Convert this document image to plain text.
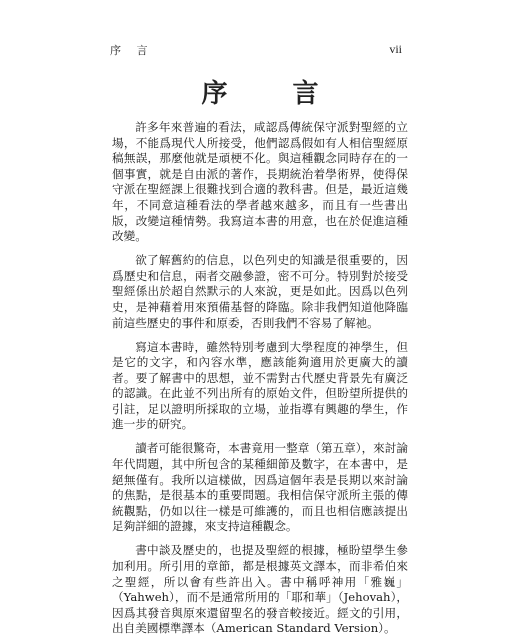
序 言	vii
序 言

許多年來普遍的看法，咸認爲傳統保守派對聖經的立場，不能爲現代人所接受，他們認爲假如有人相信聖經原稿無誤，那麼他就是頑梗不化。與這種觀念同時存在的一個事實，就是自由派的著作，長期統治着學術界，使得保守派在聖經課上很難找到合適的教科書。但是，最近這幾年，不同意這種看法的學者越來越多，而且有一些書出版，改變這種情勢。我寫這本書的用意，也在於促進這種改變。

欲了解舊約的信息，以色列史的知識是很重要的，因爲歷史和信息，兩者交融參證，密不可分。特別對於接受聖經係出於超自然默示的人來說，更是如此。因爲以色列史，是神藉着用來預備基督的降臨。除非我們知道他降臨前這些歷史的事件和原委，否則我們不容易了解祂。

寫這本書時，雖然特別考慮到大學程度的神學生，但是它的文字，和內容水準，應該能夠適用於更廣大的讀者。要了解書中的思想，並不需對古代歷史背景先有廣泛的認識。在此並不列出所有的原始文件，但盼望所提供的引註，足以證明所採取的立場，並指導有興趣的學生，作進一步的研究。

讀者可能很驚奇，本書竟用一整章（第五章），來討論年代問題，其中所包含的某種細節及數字，在本書中，是絕無僅有。我所以這樣做，因爲這個年表是長期以來討論的焦點，是很基本的重要問題。我相信保守派所主張的傳統觀點，仍如以往一樣是可維護的，而且也相信應該提出足夠詳細的證據，來支持這種觀念。

書中談及歷史的，也提及聖經的根據，極盼望學生參加利用。所引用的章節，都是根據英文譯本，而非希伯來之聖經，所以會有些許出入。書中稱呼神用「雅巍」（Yahweh），而不是通常所用的「耶和華」（Jehovah），因爲其發音與原來還留聖名的發音較接近。經文的引用，出自美國標準譯本（American Standard Version）。
